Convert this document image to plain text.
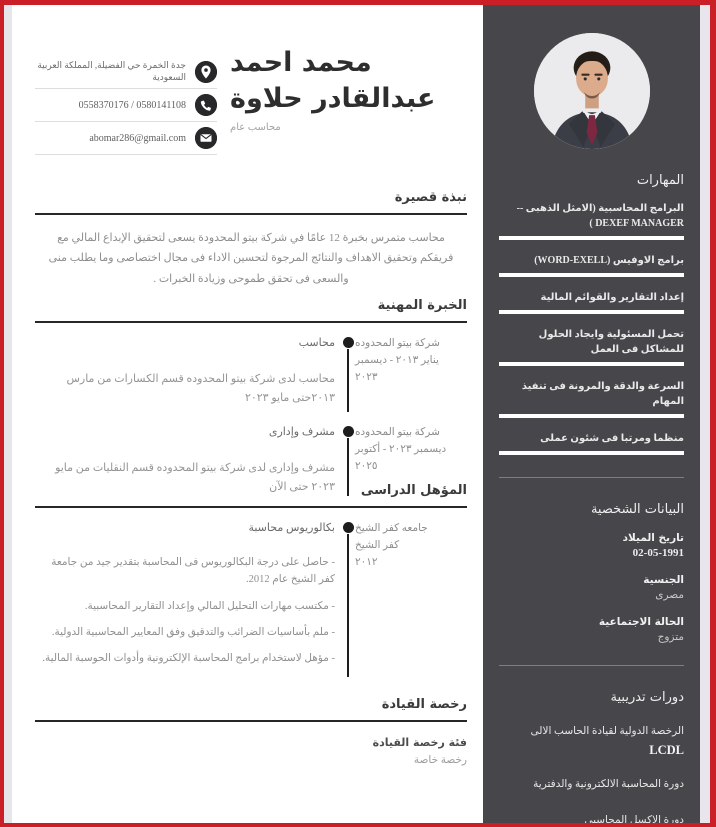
جدة الخمرة حي الفضيلة, المملكة العربية السعودية
0580141108 / 0558370176
abomar286@gmail.com
محمد احمد عبدالقادر حلاوة
محاسب عام
نبذة قصيرة

محاسب متمرس بخبرة 12 عامًا في شركة بيتو المحدودة يسعى لتحقيق الإبداع المالي مع فريقكم وتحقيق الاهداف والنتائج المرجوة لتحسين الاداء فى مجال اختصاصى وما يطلب منى والسعى فى تحقق طموحى وزيادة الخبرات .

الخبرة المهنية
محاسب
محاسب لدى شركة بيتو المحدوده قسم الكسارات من مارس ٢٠١٣حتى مايو ٢٠٢٣
شركة بيتو المحدوده
يناير ٢٠١٣ - ديسمبر ٢٠٢٣
مشرف وإدارى
مشرف وإدارى لدى شركة بيتو المحدوده قسم النقليات من مايو ٢٠٢٣ حتى الآن
شركة بيتو المحدوده
ديسمبر ٢٠٢٣ - أكتوبر ٢٠٢٥
المؤهل الدراسى
بكالوريوس محاسبة
- حاصل على درجة البكالوريوس فى المحاسبة بتقدير جيد من جامعة كفر الشيخ عام 2012.
- مكتسب مهارات التحليل المالي وإعداد التقارير المحاسبية.
- ملم بأساسيات الضرائب والتدقيق وفق المعايير المحاسبية الدولية.
- مؤهل لاستخدام برامج المحاسبة الإلكترونية وأدوات الحوسبة المالية.
جامعه كفر الشيخ
كفر الشيخ
٢٠١٢
رخصة القيادة
فئة رخصة القيادة
رخصة خاصة
المهارات
البرامج المحاسبية (الامثل الذهبى --DEXEF MANAGER )
برامج الاوفيس (WORD-EXELL)
إعداد التقارير والقوائم المالية
تحمل المسئولية وايجاد الحلول للمشاكل فى العمل
السرعة والدقة والمرونة فى تنفيذ المهام
منظما ومرتبا فى شئون عملى
البيانات الشخصية
تاريخ الميلاد
02-05-1991
الجنسية
مصرى
الحالة الاجتماعية
متزوج
دورات تدريبية
الرخصة الدولية لقيادة الحاسب الالى
LCDL
دورة المحاسبة الالكترونية والدفترية
دورة الاكسل المحاسبى
